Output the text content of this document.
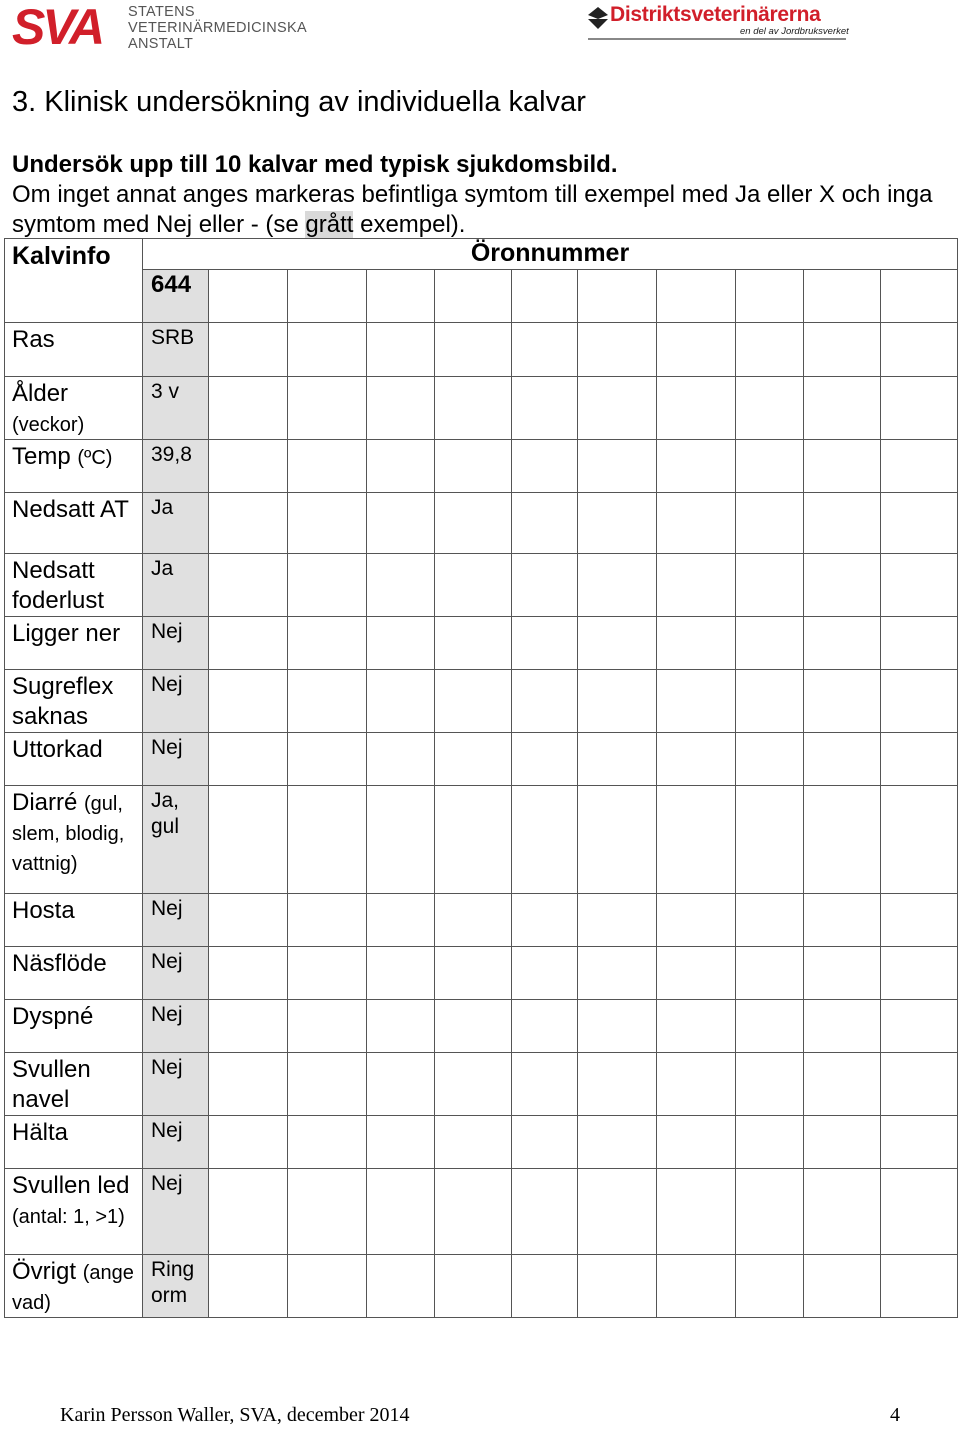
SVA STATENS
VETERINÄRMEDICINSKA
ANSTALT
Distriktsveterinärerna
en del av Jordbruksverket
3. Klinisk undersökning av individuella kalvar
Undersök upp till 10 kalvar med typisk sjukdomsbild.
Om inget annat anges markeras befintliga symtom till exempel med Ja eller X och inga symtom med Nej eller - (se grått exempel).
Kalvinfo	Öronnummer										
	644										
Ras	SRB										
Ålder (veckor)	3 v										
Temp (ºC)	39,8										
Nedsatt AT	Ja										
Nedsatt foderlust	Ja										
Ligger ner	Nej										
Sugreflex saknas	Nej										
Uttorkad	Nej										
Diarré (gul, slem, blodig, vattnig)	Ja, gul										
Hosta	Nej										
Näsflöde	Nej										
Dyspné	Nej										
Svullen navel	Nej										
Hälta	Nej										
Svullen led (antal: 1, >1)	Nej										
Övrigt (ange vad)	Ring orm										
Karin Persson Waller, SVA, december 2014	4
